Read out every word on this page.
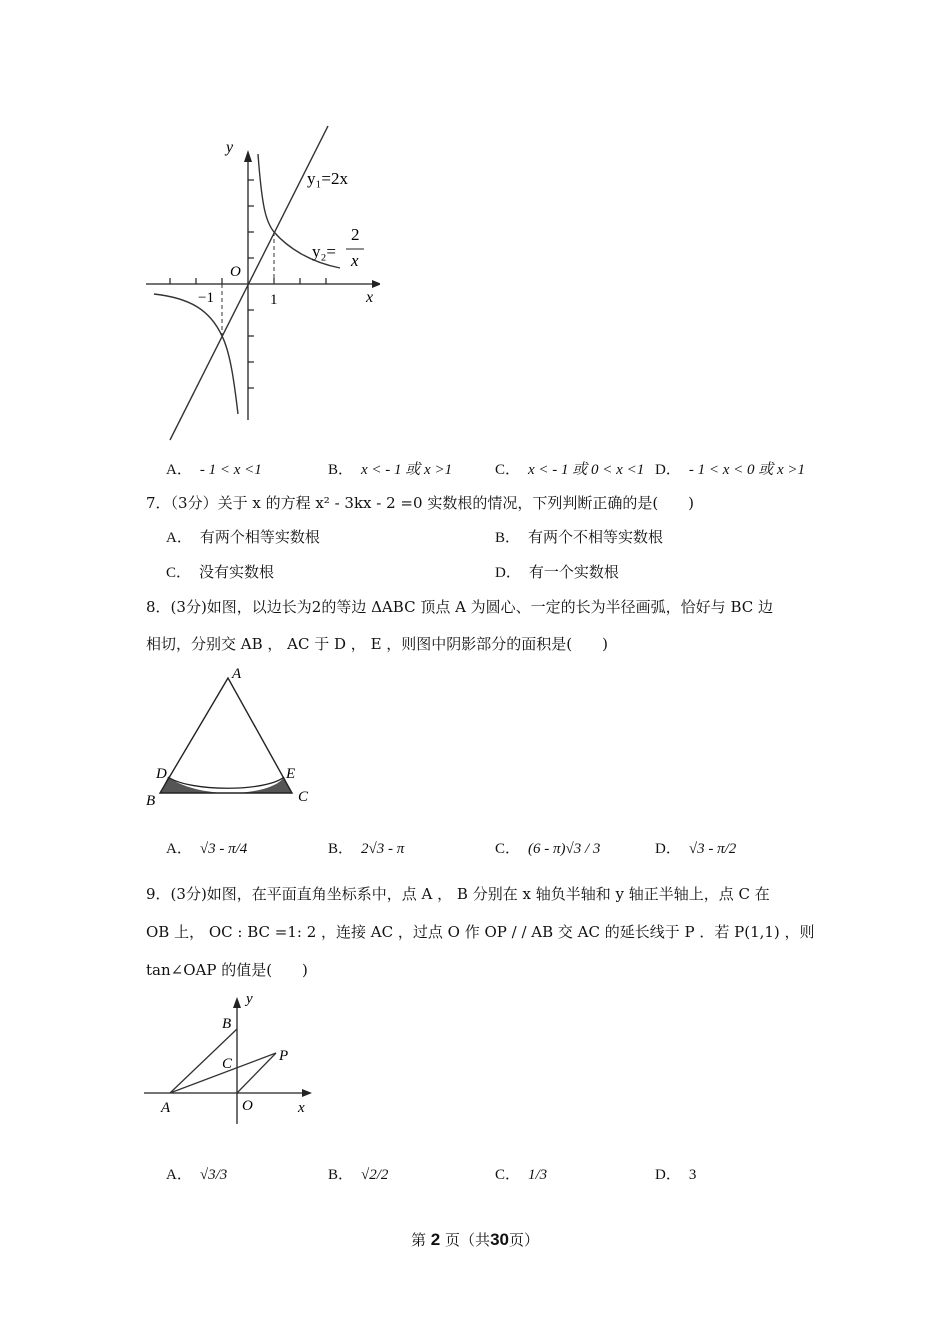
y
x
O
−1	1
y₁=2x
y₂=
2
x
A． - 1 < x <1	B． x < - 1 或 x >1	C． x < - 1 或 0 < x <1 D． - 1 < x < 0 或 x >1
7．（3分）关于 x 的方程 x² - 3kx - 2 =0 实数根的情况，下列判断正确的是(　　)
A． 有两个相等实数根	B． 有两个不相等实数根
C． 没有实数根	D． 有一个实数根
8．(3分)如图，以边长为2的等边 ΔABC 顶点 A 为圆心、一定的长为半径画弧，恰好与 BC 边
相切，分别交 AB ， AC 于 D ， E ，则图中阴影部分的面积是(　　)
A
B	C
D	E
A． √3 - π/4	B． 2√3 - π	C． (6 - π)√3 / 3	D． √3 - π/2
9．(3分)如图，在平面直角坐标系中，点 A ， B 分别在 x 轴负半轴和 y 轴正半轴上，点 C 在
OB 上， OC : BC =1: 2 ，连接 AC ，过点 O 作 OP / / AB 交 AC 的延长线于 P ．若 P(1,1) ，则
tan∠OAP 的值是(　　)
y
x
B
C	P
A	O
A． √3/3	B． √2/2	C． 1/3	D． 3
第 2 页（共30页）
